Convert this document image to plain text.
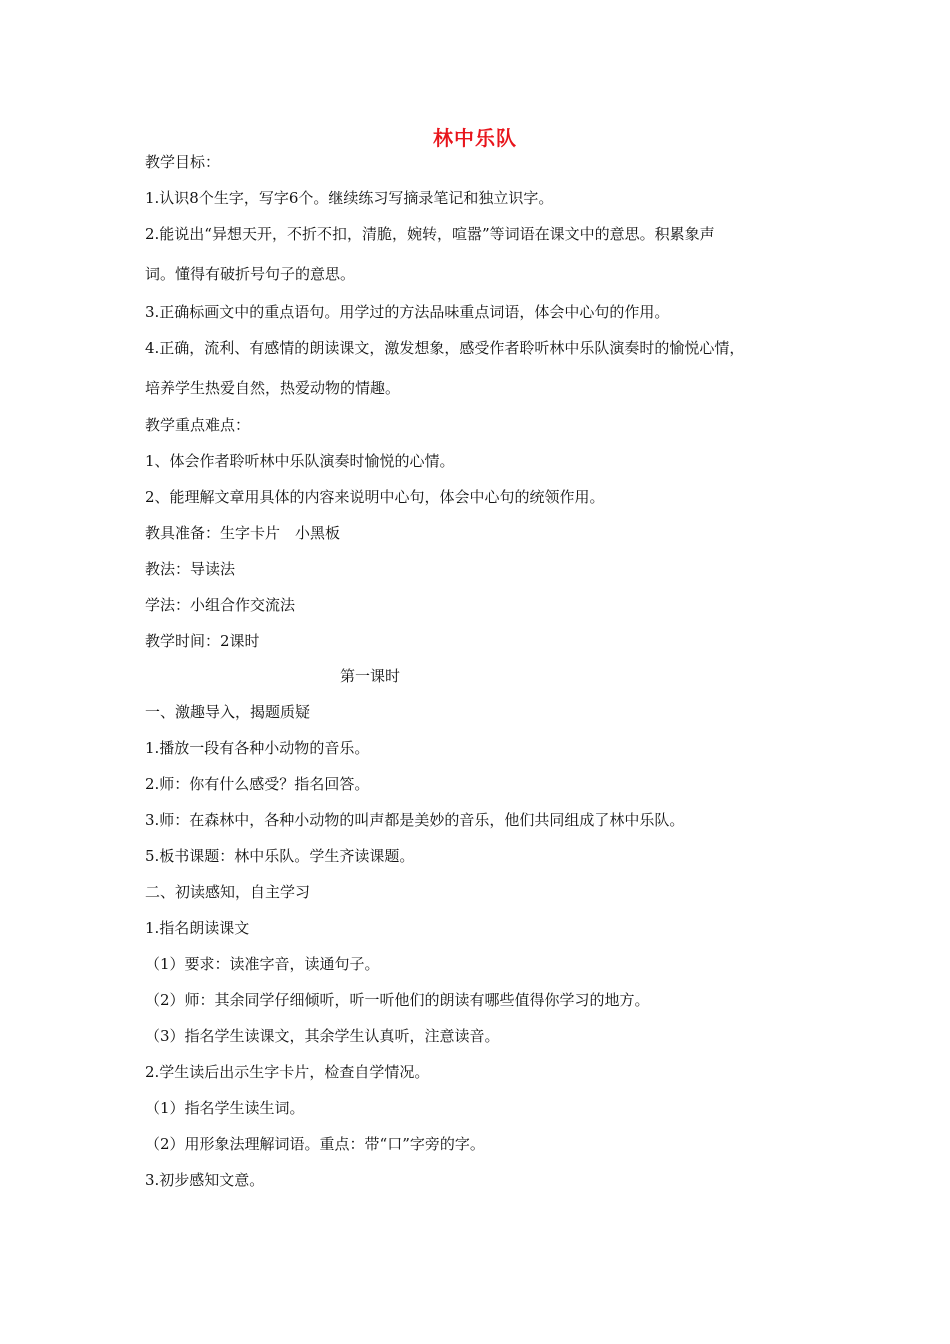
林中乐队
教学目标：
1.认识8个生字，写字6个。继续练习写摘录笔记和独立识字。
2.能说出“异想天开，不折不扣，清脆，婉转，喧嚣”等词语在课文中的意思。积累象声
词。懂得有破折号句子的意思。
3.正确标画文中的重点语句。用学过的方法品味重点词语，体会中心句的作用。
4.正确，流利、有感情的朗读课文，激发想象，感受作者聆听林中乐队演奏时的愉悦心情，
培养学生热爱自然，热爱动物的情趣。
教学重点难点：
1、体会作者聆听林中乐队演奏时愉悦的心情。
2、能理解文章用具体的内容来说明中心句，体会中心句的统领作用。
教具准备：生字卡片　小黑板
教法：导读法
学法：小组合作交流法
教学时间：2课时
第一课时
一、激趣导入，揭题质疑
1.播放一段有各种小动物的音乐。
2.师：你有什么感受？指名回答。
3.师：在森林中，各种小动物的叫声都是美妙的音乐，他们共同组成了林中乐队。
5.板书课题：林中乐队。学生齐读课题。
二、初读感知，自主学习
1.指名朗读课文
（1）要求：读准字音，读通句子。
（2）师：其余同学仔细倾听，听一听他们的朗读有哪些值得你学习的地方。
（3）指名学生读课文，其余学生认真听，注意读音。
2.学生读后出示生字卡片，检查自学情况。
（1）指名学生读生词。
（2）用形象法理解词语。重点：带“口”字旁的字。
3.初步感知文意。
